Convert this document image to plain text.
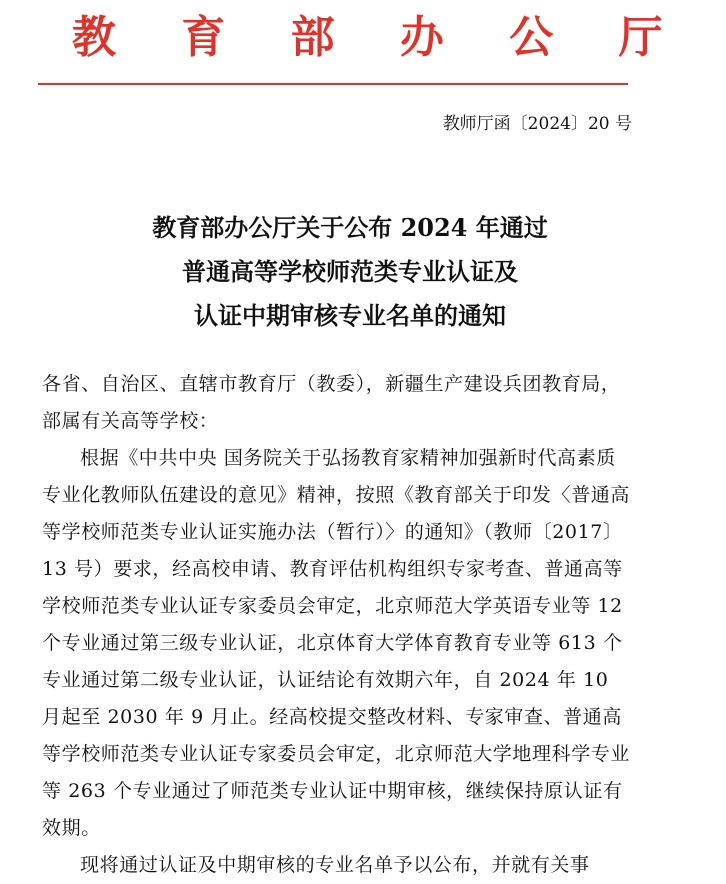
教 育 部 办 公 厅
教师厅函〔2024〕20 号
教育部办公厅关于公布 2024 年通过
普通高等学校师范类专业认证及
认证中期审核专业名单的通知
各省、自治区、直辖市教育厅（教委），新疆生产建设兵团教育局，部属有关高等学校：
根据《中共中央 国务院关于弘扬教育家精神加强新时代高素质专业化教师队伍建设的意见》精神，按照《教育部关于印发〈普通高等学校师范类专业认证实施办法（暂行）〉的通知》（教师〔2017〕13 号）要求，经高校申请、教育评估机构组织专家考查、普通高等学校师范类专业认证专家委员会审定，北京师范大学英语专业等 12 个专业通过第三级专业认证，北京体育大学体育教育专业等 613 个专业通过第二级专业认证，认证结论有效期六年，自 2024 年 10 月起至 2030 年 9 月止。经高校提交整改材料、专家审查、普通高等学校师范类专业认证专家委员会审定，北京师范大学地理科学专业等 263 个专业通过了师范类专业认证中期审核，继续保持原认证有效期。
现将通过认证及中期审核的专业名单予以公布，并就有关事
